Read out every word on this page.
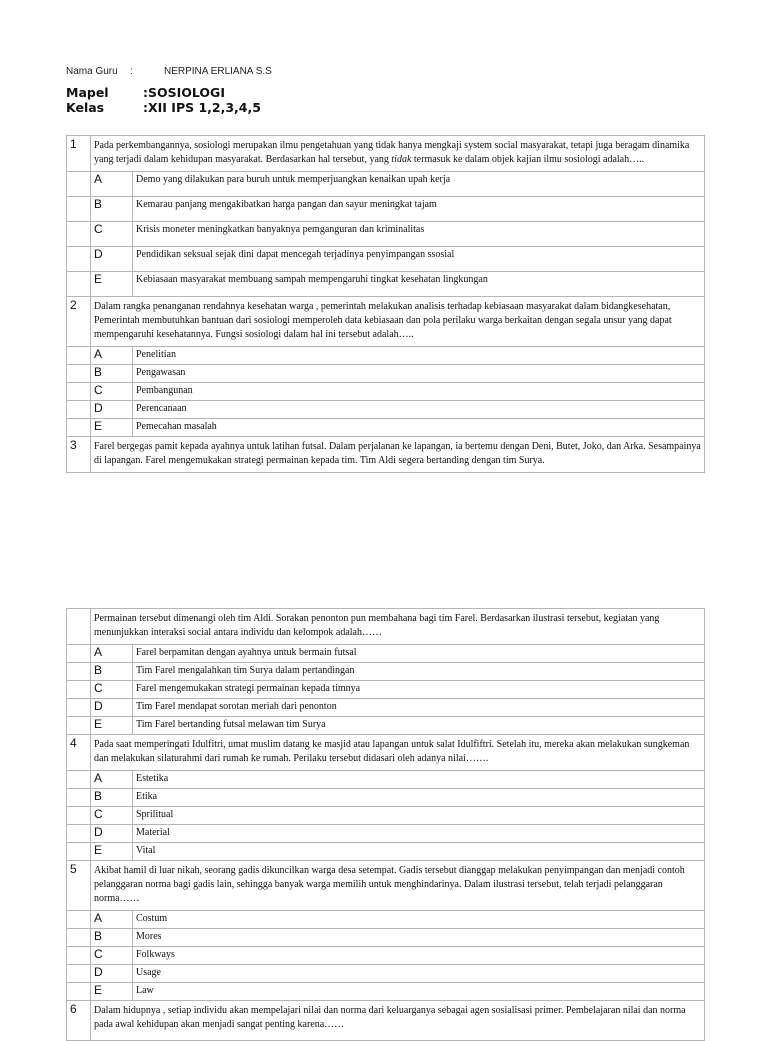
Nama Guru :	NERPINA ERLIANA S.S
Mapel	:SOSIOLOGI
Kelas	:XII IPS 1,2,3,4,5
1	Pada perkembangannya, sosiologi merupakan ilmu pengetahuan yang tidak hanya mengkaji system social masyarakat, tetapi juga beragam dinamika yang terjadi dalam kehidupan masyarakat. Berdasarkan hal tersebut, yang tidak termasuk ke dalam objek kajian ilmu sosiologi adalah…..	

	A	Demo yang dilakukan para buruh untuk memperjuangkan kenaikan upah kerja
	B	Kemarau panjang mengakibatkan harga pangan dan sayur meningkat tajam
	C	Krisis moneter meningkatkan banyaknya pemganguran dan kriminalitas
	D	Pendidikan seksual sejak dini dapat mencegah terjadinya penyimpangan ssosial
	E	Kebiasaan masyarakat membuang sampah mempengaruhi tingkat kesehatan lingkungan
2	Dalam rangka penanganan rendahnya kesehatan warga , pemerintah melakukan analisis terhadap kebiasaan masyarakat dalam bidangkesehatan, Pemerintah membutuhkan bantuan dari sosiologi memperoleh data kebiasaan dan pola perilaku warga berkaitan dengan segala unsur yang dapat mempengaruhi kesehatannya. Fungsi sosiologi dalam hal ini tersebut adalah…..	

	A	Penelitian
	B	Pengawasan
	C	Pembangunan
	D	Perencanaan
	E	Pemecahan masalah
3	Farel bergegas pamit kepada ayahnya untuk latihan futsal. Dalam perjalanan ke lapangan, ia bertemu dengan Deni, Butet, Joko, dan Arka. Sesampainya di lapangan. Farel mengemukakan strategi permainan kepada tim. Tim Aldi segera bertanding dengan tim Surya.	

	Permainan tersebut dimenangi oleh tim Aldi. Sorakan penonton pun membahana bagi tim Farel. Berdasarkan ilustrasi tersebut, kegiatan yang menunjukkan interaksi social antara individu dan kelompok adalah……	

	A	Farel berpamitan dengan ayahnya untuk bermain futsal
	B	Tim Farel mengalahkan tim Surya dalam pertandingan
	C	Farel mengemukakan strategi permainan kepada timnya
	D	Tim Farel mendapat sorotan meriah dari penonton
	E	Tim Farel bertanding futsal melawan tim Surya
4	Pada saat memperingati Idulfitri, umat muslim datang ke masjid atau lapangan untuk salat Idulfiftri. Setelah itu, mereka akan melakukan sungkeman dan melakukan silaturahmi dari rumah ke rumah. Perilaku tersebut didasari oleh adanya nilai…….	

	A	Estetika
	B	Etika
	C	Sprilitual
	D	Material
	E	Vital
5	Akibat hamil di luar nikah, seorang gadis dikuncilkan warga desa setempat. Gadis tersebut dianggap melakukan penyimpangan dan menjadi contoh pelanggaran norma bagi gadis lain, sehingga banyak warga memilih untuk menghindarinya. Dalam ilustrasi tersebut, telah terjadi pelanggaran norma……	

	A	Costum
	B	Mores
	C	Folkways
	D	Usage
	E	Law
6	Dalam hidupnya , setiap individu akan mempelajari nilai dan norma dari keluarganya sebagai agen sosialisasi primer. Pembelajaran nilai dan norma pada awal kehidupan akan menjadi sangat penting karena……	
